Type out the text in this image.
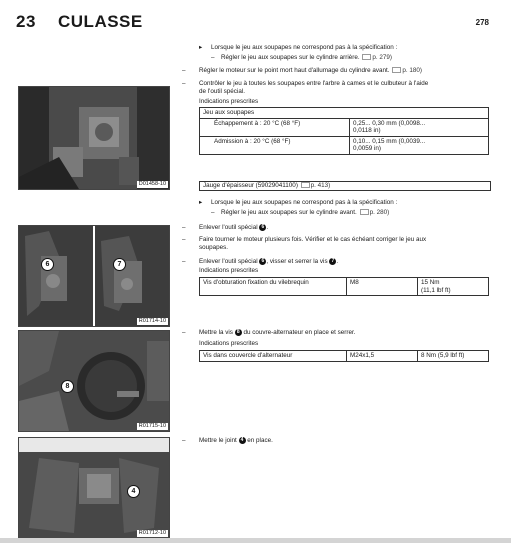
23 CULASSE	278
D01458-10
6	7
R01714-10
8
R01715-10
4
R01712-10
▸ Lorsque le jeu aux soupapes ne correspond pas à la spécification :
– Régler le jeu aux soupapes sur le cylindre arrière. p. 279)
– Régler le moteur sur le point mort haut d'allumage du cylindre avant. p. 180)
– Contrôler le jeu à toutes les soupapes entre l'arbre à cames et le culbuteur à l'aide
de l'outil spécial.
Indications prescrites
Jeu aux soupapes	
Échappement à : 20 °C (68 °F)	0,25... 0,30 mm (0,0098...
0,0118 in)

Admission à : 20 °C (68 °F)	0,10... 0,15 mm (0,0039...
0,0059 in)
Jauge d'épaisseur (59029041100) p. 413)
▸ Lorsque le jeu aux soupapes ne correspond pas à la spécification :
– Régler le jeu aux soupapes sur le cylindre avant. p. 280)
– Enlever l'outil spécial 6 .
– Faire tourner le moteur plusieurs fois. Vérifier et le cas échéant corriger le jeu aux
soupapes.
– Enlever l'outil spécial 6 , visser et serrer la vis 7 .
Indications prescrites
Vis d'obturation fixation du vilebrequin	M8	15 Nm
(11,1 lbf ft)
– Mettre la vis 8 du couvre-alternateur en place et serrer.
Indications prescrites
Vis dans couvercle d'alternateur	M24x1,5	8 Nm (5,9 lbf ft)
– Mettre le joint 4 en place.
